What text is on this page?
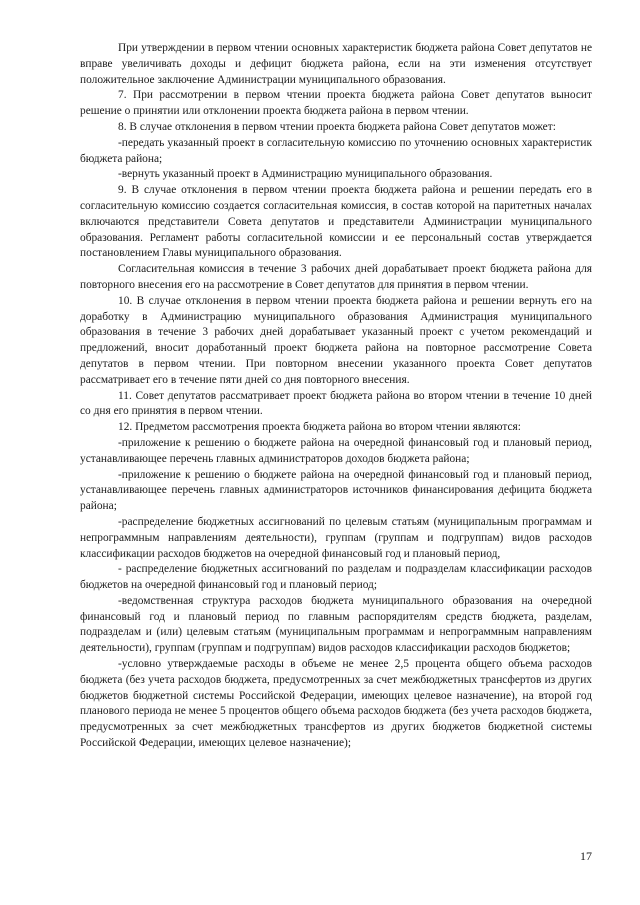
При утверждении в первом чтении основных характеристик бюджета района Совет депутатов не вправе увеличивать доходы и дефицит бюджета района, если на эти изменения отсутствует положительное заключение Администрации муниципального образования.

7. При рассмотрении в первом чтении проекта бюджета района Совет депутатов выносит решение о принятии или отклонении проекта бюджета района в первом чтении.

8. В случае отклонения в первом чтении проекта бюджета района Совет депутатов может:

-передать указанный проект в согласительную комиссию по уточнению основных характеристик бюджета района;

-вернуть указанный проект в Администрацию муниципального образования.

9. В случае отклонения в первом чтении проекта бюджета района и решении передать его в согласительную комиссию создается согласительная комиссия, в состав которой на паритетных началах включаются представители Совета депутатов и представители Администрации муниципального образования. Регламент работы согласительной комиссии и ее персональный состав утверждается постановлением Главы муниципального образования.

Согласительная комиссия в течение 3 рабочих дней дорабатывает проект бюджета района для повторного внесения его на рассмотрение в Совет депутатов для принятия в первом чтении.

10. В случае отклонения в первом чтении проекта бюджета района и решении вернуть его на доработку в Администрацию муниципального образования Администрация муниципального образования в течение 3 рабочих дней дорабатывает указанный проект с учетом рекомендаций и предложений, вносит доработанный проект бюджета района на повторное рассмотрение Совета депутатов в первом чтении. При повторном внесении указанного проекта Совет депутатов рассматривает его в течение пяти дней со дня повторного внесения.

11. Совет депутатов рассматривает проект бюджета района во втором чтении в течение 10 дней со дня его принятия в первом чтении.

12. Предметом рассмотрения проекта бюджета района во втором чтении являются:

-приложение к решению о бюджете района на очередной финансовый год и плановый период, устанавливающее перечень главных администраторов доходов бюджета района;

-приложение к решению о бюджете района на очередной финансовый год и плановый период, устанавливающее перечень главных администраторов источников финансирования дефицита бюджета района;

-распределение бюджетных ассигнований по целевым статьям (муниципальным программам и непрограммным направлениям деятельности), группам (группам и подгруппам) видов расходов классификации расходов бюджетов на очередной финансовый год и плановый период,

- распределение бюджетных ассигнований по разделам и подразделам классификации расходов бюджетов на очередной финансовый год и плановый период;

-ведомственная структура расходов бюджета муниципального образования на очередной финансовый год и плановый период по главным распорядителям средств бюджета, разделам, подразделам и (или) целевым статьям (муниципальным программам и непрограммным направлениям деятельности), группам (группам и подгруппам) видов расходов классификации расходов бюджетов;

-условно утверждаемые расходы в объеме не менее 2,5 процента общего объема расходов бюджета (без учета расходов бюджета, предусмотренных за счет межбюджетных трансфертов из других бюджетов бюджетной системы Российской Федерации, имеющих целевое назначение), на второй год планового периода не менее 5 процентов общего объема расходов бюджета (без учета расходов бюджета, предусмотренных за счет межбюджетных трансфертов из других бюджетов бюджетной системы Российской Федерации, имеющих целевое назначение);

17
